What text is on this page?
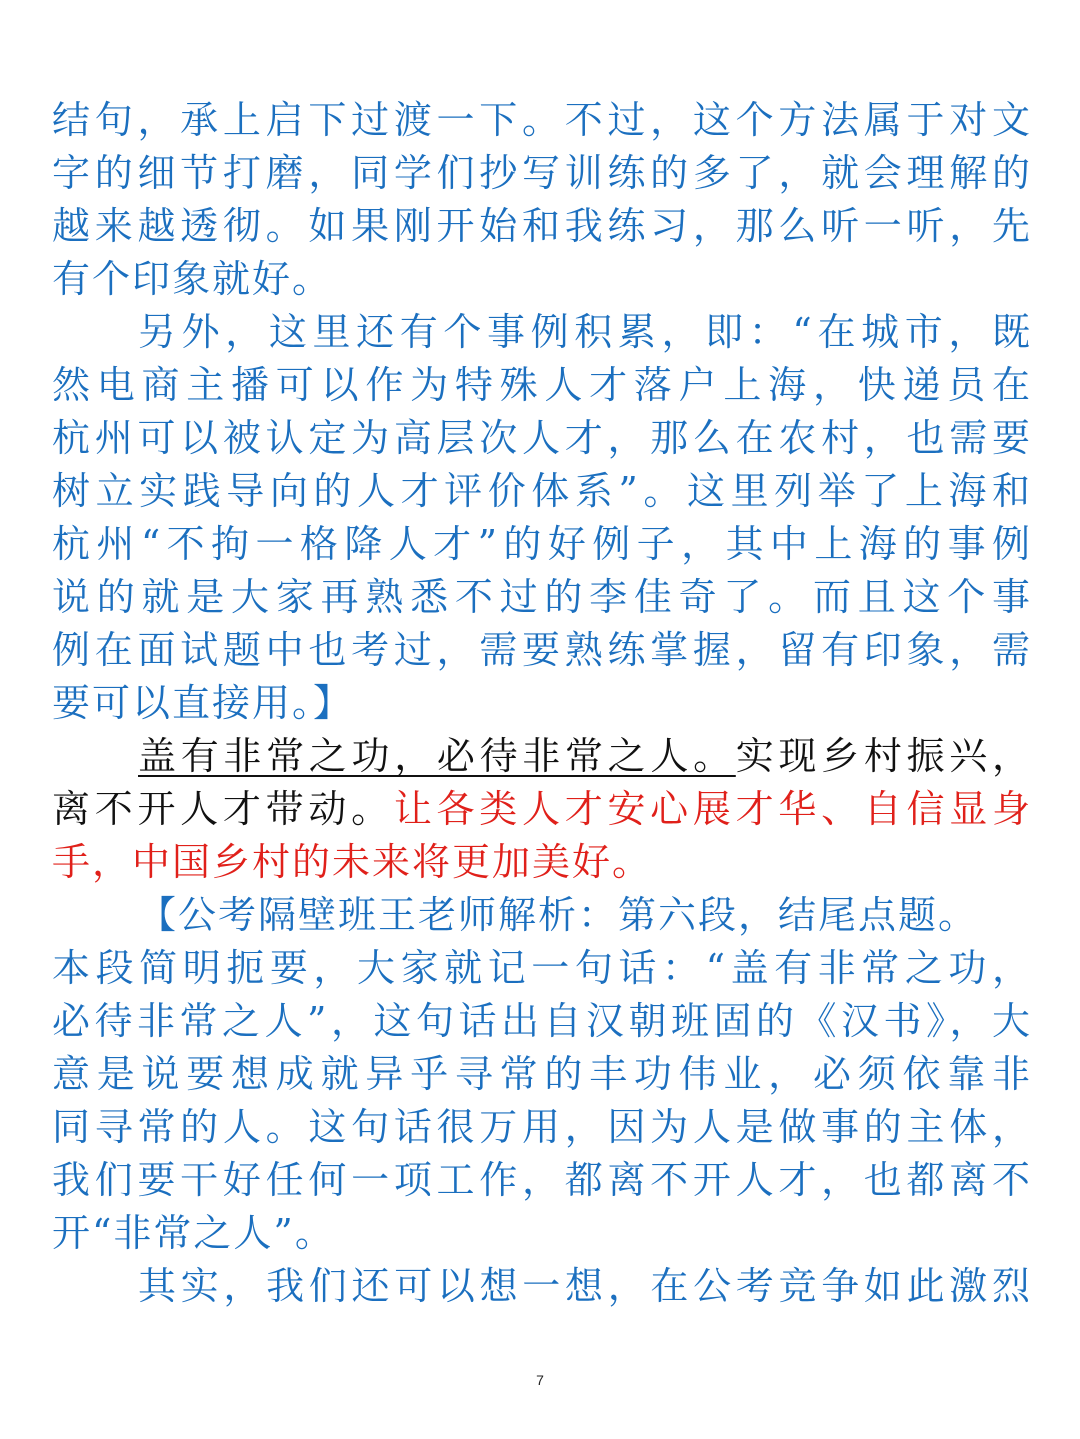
结句，承上启下过渡一下。不过，这个方法属于对文
字的细节打磨，同学们抄写训练的多了，就会理解的
越来越透彻。如果刚开始和我练习，那么听一听，先
有个印象就好。
另外，这里还有个事例积累，即：“在城市，既
然电商主播可以作为特殊人才落户上海，快递员在
杭州可以被认定为高层次人才，那么在农村，也需要
树立实践导向的人才评价体系”。这里列举了上海和
杭州“不拘一格降人才”的好例子，其中上海的事例
说的就是大家再熟悉不过的李佳奇了。而且这个事
例在面试题中也考过，需要熟练掌握，留有印象，需
要可以直接用。】
盖有非常之功，必待非常之人。实现乡村振兴，
离不开人才带动。让各类人才安心展才华、自信显身
手，中国乡村的未来将更加美好。
【公考隔壁班王老师解析：第六段，结尾点题。
本段简明扼要，大家就记一句话：“盖有非常之功，
必待非常之人”，这句话出自汉朝班固的《汉书》，大
意是说要想成就异乎寻常的丰功伟业，必须依靠非
同寻常的人。这句话很万用，因为人是做事的主体，
我们要干好任何一项工作，都离不开人才，也都离不
开“非常之人”。
其实，我们还可以想一想，在公考竞争如此激烈
7
